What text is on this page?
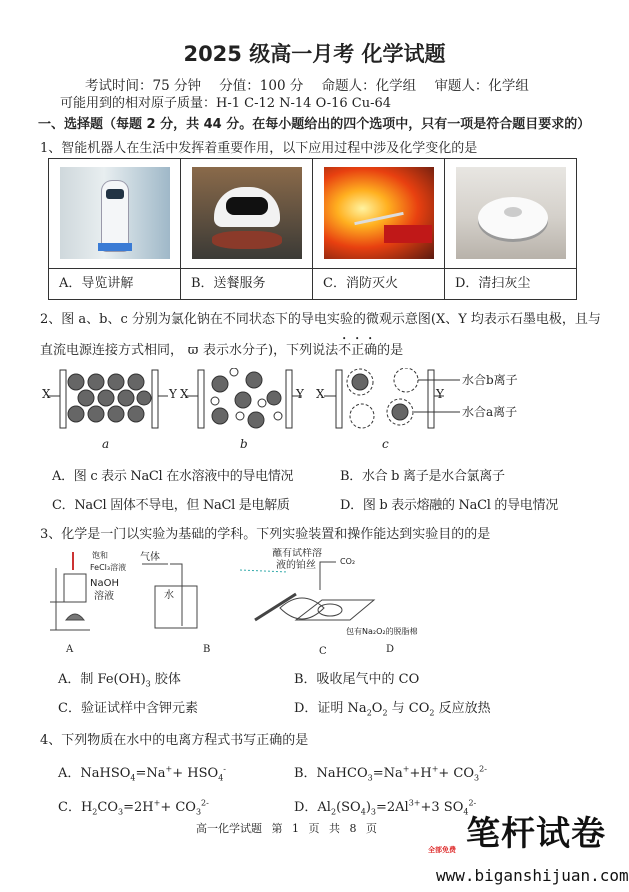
2025 级高一月考 化学试题
考试时间：75 分钟 分值：100 分 命题人：化学组 审题人：化学组
可能用到的相对原子质量：H-1 C-12 N-14 O-16 Cu-64
一、选择题（每题 2 分，共 44 分。在每小题给出的四个选项中，只有一项是符合题目要求的）
1、智能机器人在生活中发挥着重要作用，以下应用过程中涉及化学变化的是
A．导览讲解	B．送餐服务	C．消防灭火	D．清扫灰尘
2、图 a、b、c 分别为氯化钠在不同状态下的导电实验的微观示意图(X、Y 均表示石墨电极，且与
直流电源连接方式相同， ϖ 表示水分子)，下列说法不正确的是
X	Y X	Y X	Y
水合b离子
水合a离子
a	b	c
A．图 c 表示 NaCl 在水溶液中的导电情况	B．水合 b 离子是水合氯离子
C．NaCl 固体不导电，但 NaCl 是电解质	D．图 b 表示熔融的 NaCl 的导电情况
3、化学是一门以实验为基础的学科。下列实验装置和操作能达到实验目的的是
饱和
FeCl₃溶液
NaOH
溶液
气体
水
蘸有试样溶
液的铂丝	CO₂
包有Na₂O₂的脱脂棉
A	B	C	D
A．制 $Fe(OH)_3$ 胶体	B．吸收尾气中的 CO
C．验证试样中含钾元素	D．证明 $Na_2O_2$ 与 $CO_2$ 反应放热
4、下列物质在水中的电离方程式书写正确的是
A．NaHSO$_4$=Na++ $HSO_4^-$	B．NaHCO$_3$=Na++H++ $CO_3^{2-}$
C．$H_2CO_3=2H^++ CO_3^{2-}$	D．$Al_2(SO_4)_3=2Al^{3+}+3$ $SO_4^{2-}$
高一化学试题 第 1 页 共 8 页	笔杆试卷
全部免费
www.biganshijuan.com
